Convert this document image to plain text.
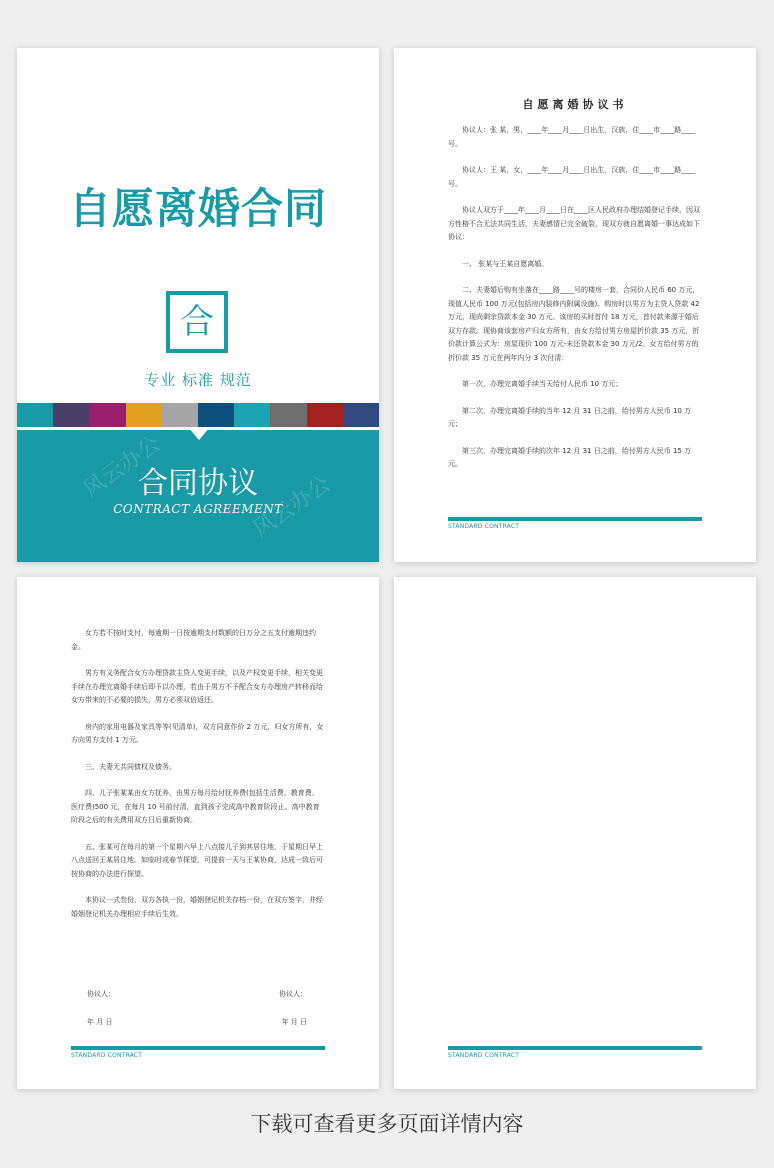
自愿离婚合同
合
专业 标准 规范
风云办公
风云办公
合同协议
CONTRACT AGREEMENT
自愿离婚协议书

协议人：张 某，男，____年____月____日出生，汉族，住____市____路____号。

协议人：王 某，女，____年____月____日出生，汉族，住____市____路____号。

协议人双方于____年____月____日在____区人民政府办理结婚登记手续，因双方性格不合无法共同生活，夫妻感情已完全破裂，现双方就自愿离婚一事达成如下协议：

一、 张某与王某自愿离婚。

二、夫妻婚后购有坐落在____路____号的楼房一套，合同价人民币 60 万元，现值人民币 100 万元(包括房内装修内附属设施)。购房时以男方为主贷人贷款 42 万元，现尚剩余贷款本金 30 万元。该房的买时首付 18 万元，首付款来源于婚后双方存款。现协商该套房产归女方所有，由女方给付男方房屋折价款 35 万元，折价款计算公式为：房屋现价 100 万元-未还贷款本金 30 万元/2。女方给付男方的折价款 35 万元在两年内分 3 次付清：

第一次，办理完离婚手续当天给付人民币 10 万元；

第二次，办理完离婚手续的当年 12 月 31 日之前，给付男方人民币 10 万元；

第三次，办理完离婚手续的次年 12 月 31 日之前，给付男方人民币 15 万元。

STANDARD CONTRACT

女方若不按时支付，每逾期一日按逾期支付数额的日万分之五支付逾期违约金。

男方有义务配合女方办理贷款主贷人变更手续，以及产权变更手续，相关变更手续在办理完离婚手续后即予以办理，若由于男方不予配合女方办理房产转移而给女方带来的不必要的损失，男方必须双倍返还。

房内的家用电器及家具等等(见清单)，双方同意作价 2 万元，归女方所有，女方向男方支付 1 万元。

三、夫妻无共同债权及债务。

四、儿子张某某由女方抚养，由男方每月给付抚养费(包括生活费、教育费、医疗费)500 元，在每月 10 号前付清，直到孩子完成高中教育阶段止。高中教育阶段之后的有关费用双方日后重新协商。

五、张某可在每月的第一个星期六早上八点接儿子到其居住地，于星期日早上八点送回王某居住地。如临时或春节探望，可提前一天与王某协商，达成一致后可按协商的办法进行探望。

本协议一式叁份，双方各执一份，婚姻登记机关存档一份，在双方签字，并经婚姻登记机关办理相应手续后生效。

协议人：	协议人：
年 月 日	年 月 日
STANDARD CONTRACT	STANDARD CONTRACT
下载可查看更多页面详情内容
